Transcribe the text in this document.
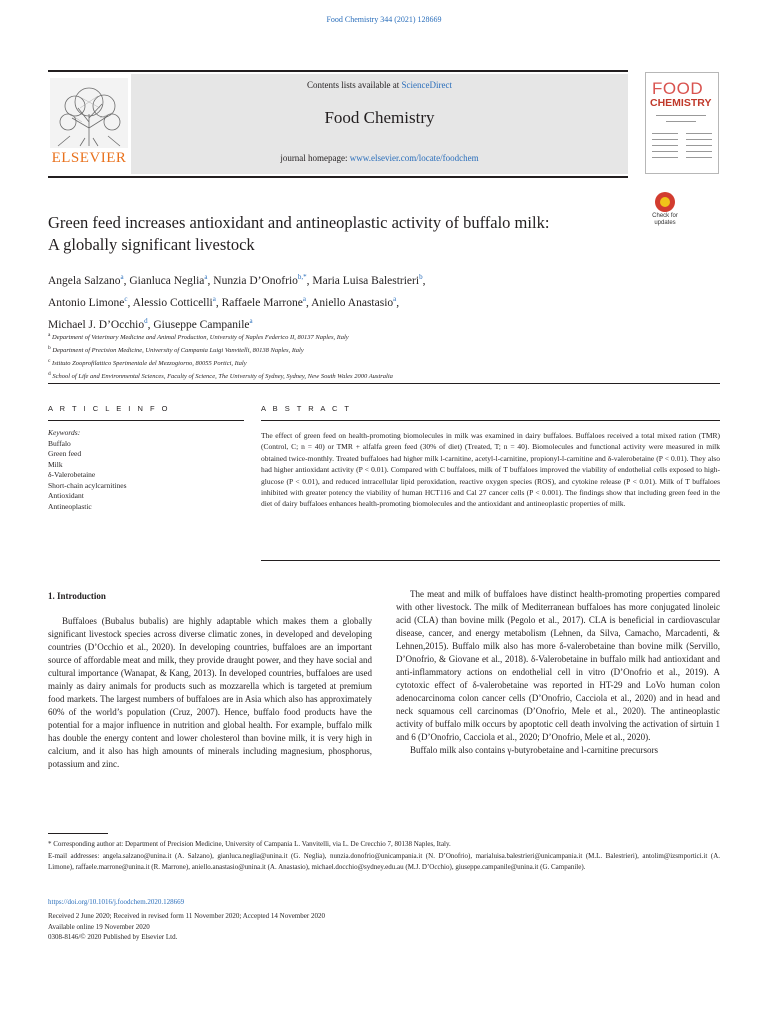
Food Chemistry 344 (2021) 128669
Contents lists available at ScienceDirect
Food Chemistry
journal homepage: www.elsevier.com/locate/foodchem
ELSEVIER
FOOD
CHEMISTRY
Check for updates
Green feed increases antioxidant and antineoplastic activity of buffalo milk:
A globally significant livestock
Angela Salzano$^a$, Gianluca Neglia$^a$, Nunzia D’Onofrio$^{b,*}$, Maria Luisa Balestrieri$^b$,
Antonio Limone$^c$, Alessio Cotticelli$^a$, Raffaele Marrone$^a$, Aniello Anastasio$^a$,
Michael J. D’Occhio$^d$, Giuseppe Campanile$^a$
$^a$ Department of Veterinary Medicine and Animal Production, University of Naples Federico II, 80137 Naples, Italy
$^b$ Department of Precision Medicine, University of Campania Luigi Vanvitelli, 80138 Naples, Italy
$^c$ Istituto Zooprofilattico Sperimentale del Mezzogiorno, 80055 Portici, Italy
$^d$ School of Life and Environmental Sciences, Faculty of Science, The University of Sydney, Sydney, New South Wales 2000 Australia
A R T I C L E I N F O	A B S T R A C T
Keywords:
Buffalo
Green feed
Milk
δ-Valerobetaine
Short-chain acylcarnitines
Antioxidant
Antineoplastic
The effect of green feed on health-promoting biomolecules in milk was examined in dairy buffaloes. Buffaloes received a total mixed ration (TMR) (Control, C; n = 40) or TMR + alfalfa green feed (30% of diet) (Treated, T; n = 40). Biomolecules and functional activity were measured in milk obtained twice-monthly. Treated buffaloes had higher milk l-carnitine, acetyl-l-carnitine, propionyl-l-carnitine and δ-valerobetaine (P < 0.01). They also had higher antioxidant activity (P < 0.01). Compared with C buffaloes, milk of T buffaloes improved the viability of endothelial cells exposed to high-glucose (P < 0.01), and reduced intracellular lipid peroxidation, reactive oxygen species (ROS), and cytokine release (P < 0.01). Milk of T buffaloes inhibited with greater potency the viability of human HCT116 and Cal 27 cancer cells (P < 0.001). The findings show that including green feed in the diet of dairy buffaloes enhances health-promoting biomolecules and the antioxidant and antineoplastic properties of milk.
1. Introduction
Buffaloes (Bubalus bubalis) are highly adaptable which makes them a globally significant livestock species across diverse climatic zones, in developed and developing countries (D’Occhio et al., 2020). In developing countries, buffaloes are an important source of affordable meat and milk, they provide draught power, and they have social and cultural importance (Wanapat, & Kang, 2013). In developed countries, buffaloes are used mainly as dairy animals for products such as mozzarella which is targeted at premium food markets. The largest numbers of buffaloes are in Asia which also has approximately 60% of the world’s population (Cruz, 2007). Hence, buffalo food products have the potential for a major influence in nutrition and global health. For example, buffalo milk has double the energy content and lower cholesterol than bovine milk, it is very high in calcium, and it also has high amounts of minerals including magnesium, phosphorus, potassium and zinc.

The meat and milk of buffaloes have distinct health-promoting properties compared with other livestock. The milk of Mediterranean buffaloes has more conjugated linoleic acid (CLA) than bovine milk (Pegolo et al., 2017). CLA is beneficial in cardiovascular disease, cancer, and energy metabolism (Lehnen, da Silva, Camacho, Marcadenti, & Lehnen,2015). Buffalo milk also has more δ-valerobetaine than bovine milk (Servillo, D’Onofrio, & Giovane et al., 2018). δ-Valerobetaine in buffalo milk had antioxidant and anti-inflammatory actions on endothelial cell in vitro (D’Onofrio et al., 2019). A cytotoxic effect of δ-valerobetaine was reported in HT-29 and LoVo human colon adenocarcinoma colon cancer cells (D’Onofrio, Cacciola et al., 2020) and in head and neck squamous cell carcinomas (D’Onofrio, Mele et al., 2020). The antineoplastic activity of buffalo milk occurs by apoptotic cell death involving the activation of sirtuin 1 and 6 (D’Onofrio, Cacciola et al., 2020; D’Onofrio, Mele et al., 2020).

Buffalo milk also contains γ-butyrobetaine and l-carnitine precursors

* Corresponding author at: Department of Precision Medicine, University of Campania L. Vanvitelli, via L. De Crecchio 7, 80138 Naples, Italy.
E-mail addresses: angela.salzano@unina.it (A. Salzano), gianluca.neglia@unina.it (G. Neglia), nunzia.donofrio@unicampania.it (N. D’Onofrio), marialuisa.balestrieri@unicampania.it (M.L. Balestrieri), antolim@izsmportici.it (A. Limone), raffaele.marrone@unina.it (R. Marrone), aniello.anastasio@unina.it (A. Anastasio), michael.docchio@sydney.edu.au (M.J. D’Occhio), giuseppe.campanile@unina.it (G. Campanile).
https://doi.org/10.1016/j.foodchem.2020.128669
Received 2 June 2020; Received in revised form 11 November 2020; Accepted 14 November 2020
Available online 19 November 2020
0308-8146/© 2020 Published by Elsevier Ltd.
